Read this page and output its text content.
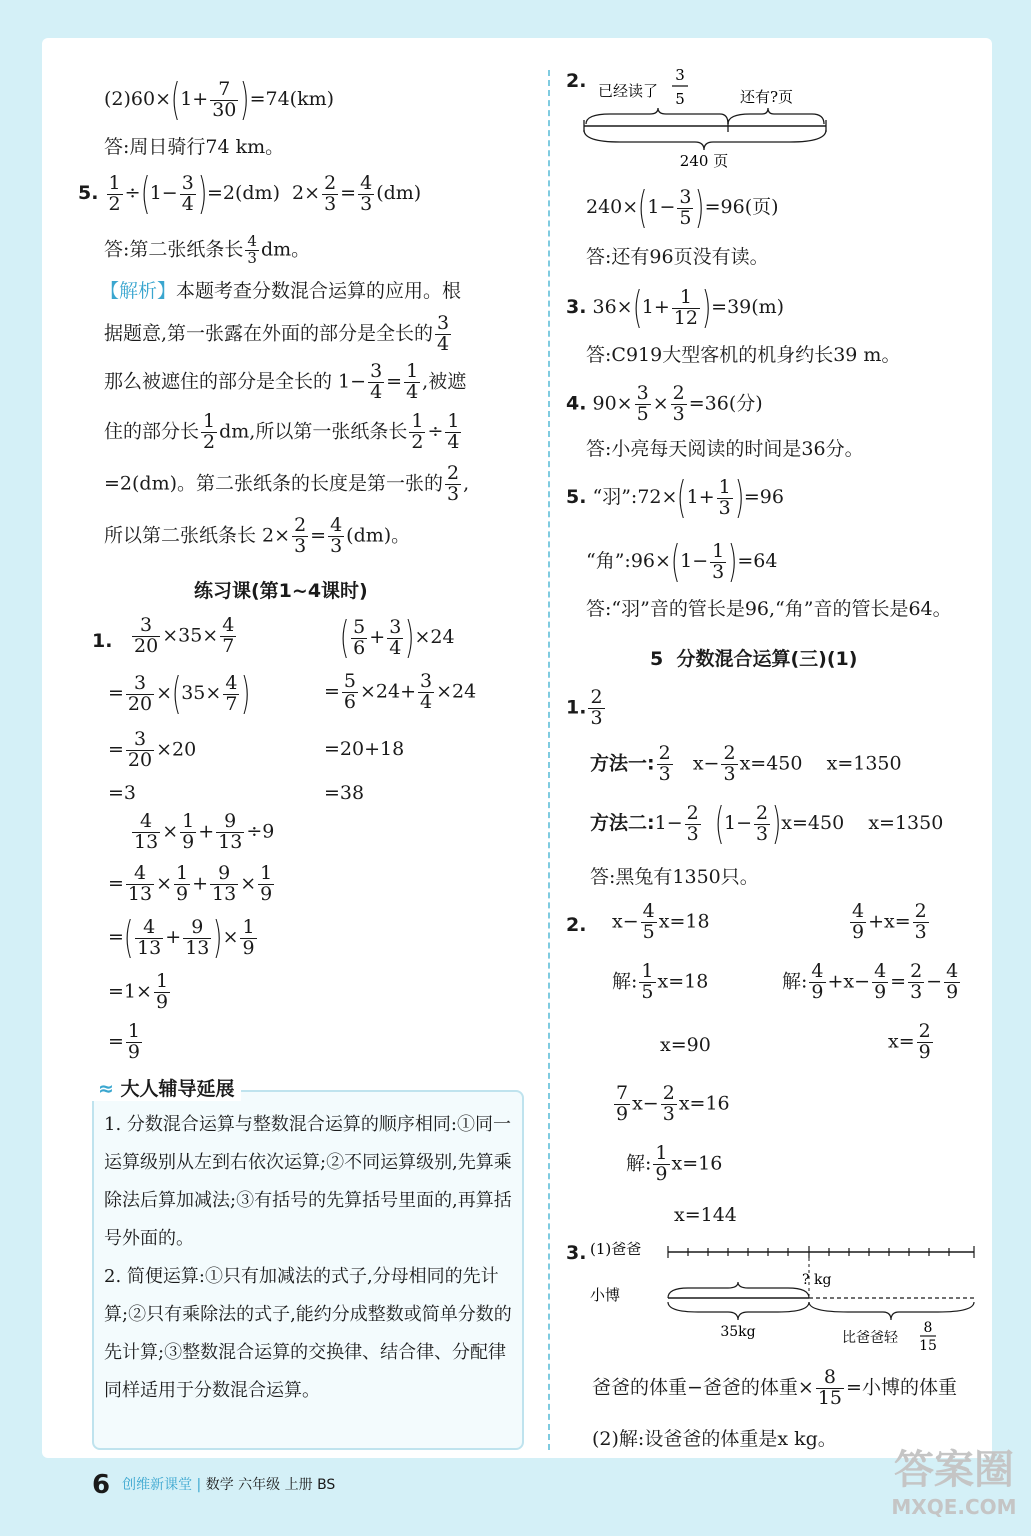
$(2)60\times(1+ \frac{7}{30} )=74(km)$
答:周日骑行74 km。
5. $\frac{1}{2} \div(1- \frac{3}{4} )=2(dm)$  $2\times \frac{2}{3} = \frac{4}{3} (dm)$
答:第二张纸条长 $\frac{4}{3}$ dm。
【解析】本题考查分数混合运算的应用。根
据题意,第一张露在外面的部分是全长的 $\frac{3}{4}$
那么被遮住的部分是全长的 $1- \frac{3}{4} = \frac{1}{4}$ ,被遮
住的部分长 $\frac{1}{2}$ dm,所以第一张纸条长 $\frac{1}{2} \div \frac{1}{4}$
=2(dm)。第二张纸条的长度是第一张的 $\frac{2}{3}$ ,
所以第二张纸条长 $2\times \frac{2}{3} = \frac{4}{3} (dm)$。
练习课(第1~4课时)
1. $\frac{3}{20} \times 35\times \frac{4}{7}$
= $\frac{3}{20} \times(35\times \frac{4}{7}$ )
= $\frac{3}{20} \times 20$
=3
( $\frac{5}{6} + \frac{3}{4} )\times 24$
= $\frac{5}{6} \times 24+ \frac{3}{4} \times 24$
=20+18
=38
$\frac{4}{13} \times \frac{1}{9} + \frac{9}{13} \div 9$
= $\frac{4}{13} \times \frac{1}{9} + \frac{9}{13} \times \frac{1}{9}$
=( $\frac{4}{13} + \frac{9}{13}$ )× $\frac{1}{9}$
$=1\times \frac{1}{9}$
= $\frac{1}{9}$
≈ 大人辅导延展
1. 分数混合运算与整数混合运算的顺序相同:①同一运算级别从左到右依次运算;②不同运算级别,先算乘除法后算加减法;③有括号的先算括号里面的,再算括号外面的。
2. 简便运算:①只有加减法的式子,分母相同的先计算;②只有乘除法的式子,能约分成整数或简单分数的先计算;③整数混合运算的交换律、结合律、分配律同样适用于分数混合运算。
2. 已经读了
3
5	还有?页
240 页
$240\times(1- \frac{3}{5} )=96$(页)
答:还有96页没有读。
3. $36\times(1+ \frac{1}{12} )=39(m)$
答:C919大型客机的机身约长39 m。
4. $90\times \frac{3}{5} \times \frac{2}{3} =36$(分)
答:小亮每天阅读的时间是36分。
5. “羽”:72×(1+ $\frac{1}{3} )=96$
“角”:96×(1− $\frac{1}{3} )=64$
答:“羽”音的管长是96,“角”音的管长是64。
5  分数混合运算(三)(1)
1. $\frac{2}{3}$
方法一: $\frac{2}{3} x- \frac{2}{3} x=450$    x=1350
方法二:1− $\frac{2}{3} (1- \frac{2}{3} )x=450$    x=1350
答:黑兔有1350只。
2. $x- \frac{4}{5} x=18$
解: $\frac{1}{5} x=18$
x=90
$\frac{4}{9} +x= \frac{2}{3}$
解: $\frac{4}{9} +x- \frac{4}{9} = \frac{2}{3} - \frac{4}{9}$
$x= \frac{2}{9}$
$\frac{7}{9} x- \frac{2}{3} x=16$
解: $\frac{1}{9} x=16$
x=144
3. (1)爸爸
? kg
小博
35kg	比爸爸轻
8
15
爸爸的体重−爸爸的体重× $\frac{8}{15}$ =小博的体重
(2)解:设爸爸的体重是x kg。
6 创维新课堂 | 数学 六年级 上册 BS	答案圈
MXQE.COM
